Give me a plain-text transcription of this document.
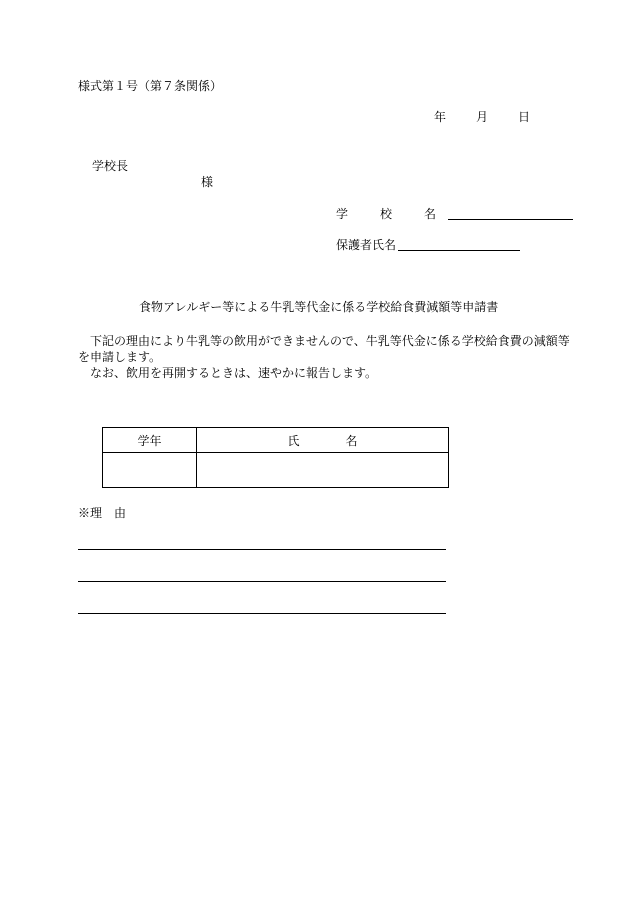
様式第１号（第７条関係）
年	月	日
学校長
様
学　校　名
保護者氏名
食物アレルギー等による牛乳等代金に係る学校給食費減額等申請書

下記の理由により牛乳等の飲用ができませんので、牛乳等代金に係る学校給食費の減額等を申請します。

なお、飲用を再開するときは、速やかに報告します。

学年	氏 名

※理 由
